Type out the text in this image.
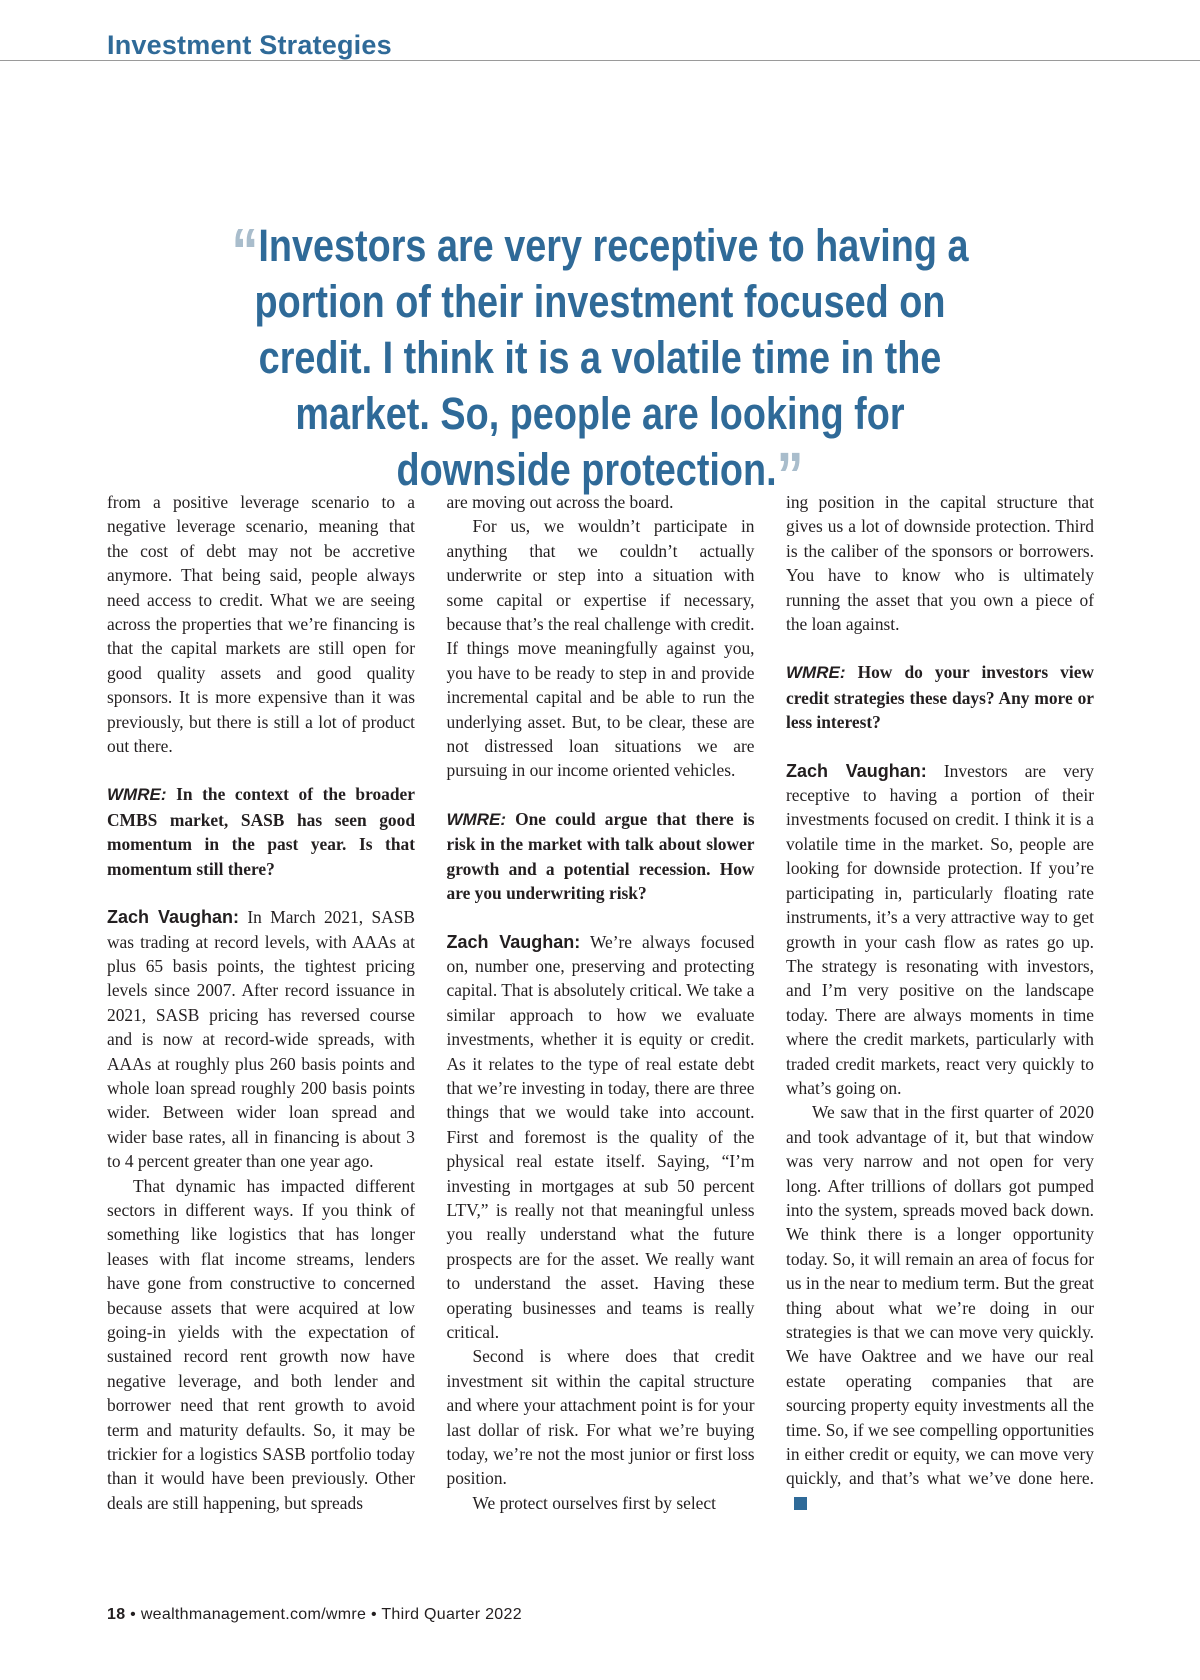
Investment Strategies
“Investors are very receptive to having a portion of their investment focused on credit. I think it is a volatile time in the market. So, people are looking for downside protection.”

from a positive leverage scenario to a negative leverage scenario, meaning that the cost of debt may not be accretive anymore. That being said, people always need access to credit. What we are seeing across the properties that we’re financing is that the capital markets are still open for good quality assets and good quality sponsors. It is more expensive than it was previously, but there is still a lot of product out there.

WMRE: In the context of the broader CMBS market, SASB has seen good momentum in the past year. Is that momentum still there?

Zach Vaughan: In March 2021, SASB was trading at record levels, with AAAs at plus 65 basis points, the tightest pricing levels since 2007. After record issuance in 2021, SASB pricing has reversed course and is now at record-wide spreads, with AAAs at roughly plus 260 basis points and whole loan spread roughly 200 basis points wider. Between wider loan spread and wider base rates, all in financing is about 3 to 4 percent greater than one year ago.

That dynamic has impacted different sectors in different ways. If you think of something like logistics that has longer leases with flat income streams, lenders have gone from constructive to concerned because assets that were acquired at low going-in yields with the expectation of sustained record rent growth now have negative leverage, and both lender and borrower need that rent growth to avoid term and maturity defaults. So, it may be trickier for a logistics SASB portfolio today than it would have been previously. Other deals are still happening, but spreads

are moving out across the board.

For us, we wouldn’t participate in anything that we couldn’t actually underwrite or step into a situation with some capital or expertise if necessary, because that’s the real challenge with credit. If things move meaningfully against you, you have to be ready to step in and provide incremental capital and be able to run the underlying asset. But, to be clear, these are not distressed loan situations we are pursuing in our income oriented vehicles.

WMRE: One could argue that there is risk in the market with talk about slower growth and a potential recession. How are you underwriting risk?

Zach Vaughan: We’re always focused on, number one, preserving and protecting capital. That is absolutely critical. We take a similar approach to how we evaluate investments, whether it is equity or credit. As it relates to the type of real estate debt that we’re investing in today, there are three things that we would take into account. First and foremost is the quality of the physical real estate itself. Saying, “I’m investing in mortgages at sub 50 percent LTV,” is really not that meaningful unless you really understand what the future prospects are for the asset. We really want to understand the asset. Having these operating businesses and teams is really critical.

Second is where does that credit investment sit within the capital structure and where your attachment point is for your last dollar of risk. For what we’re buying today, we’re not the most junior or first loss position.

We protect ourselves first by select

ing position in the capital structure that gives us a lot of downside protection. Third is the caliber of the sponsors or borrowers. You have to know who is ultimately running the asset that you own a piece of the loan against.

WMRE: How do your investors view credit strategies these days? Any more or less interest?

Zach Vaughan: Investors are very receptive to having a portion of their investments focused on credit. I think it is a volatile time in the market. So, people are looking for downside protection. If you’re participating in, particularly floating rate instruments, it’s a very attractive way to get growth in your cash flow as rates go up. The strategy is resonating with investors, and I’m very positive on the landscape today. There are always moments in time where the credit markets, particularly with traded credit markets, react very quickly to what’s going on.

We saw that in the first quarter of 2020 and took advantage of it, but that window was very narrow and not open for very long. After trillions of dollars got pumped into the system, spreads moved back down. We think there is a longer opportunity today. So, it will remain an area of focus for us in the near to medium term. But the great thing about what we’re doing in our strategies is that we can move very quickly. We have Oaktree and we have our real estate operating companies that are sourcing property equity investments all the time. So, if we see compelling opportunities in either credit or equity, we can move very quickly, and that’s what we’ve done here.

18 • wealthmanagement.com/wmre • Third Quarter 2022
